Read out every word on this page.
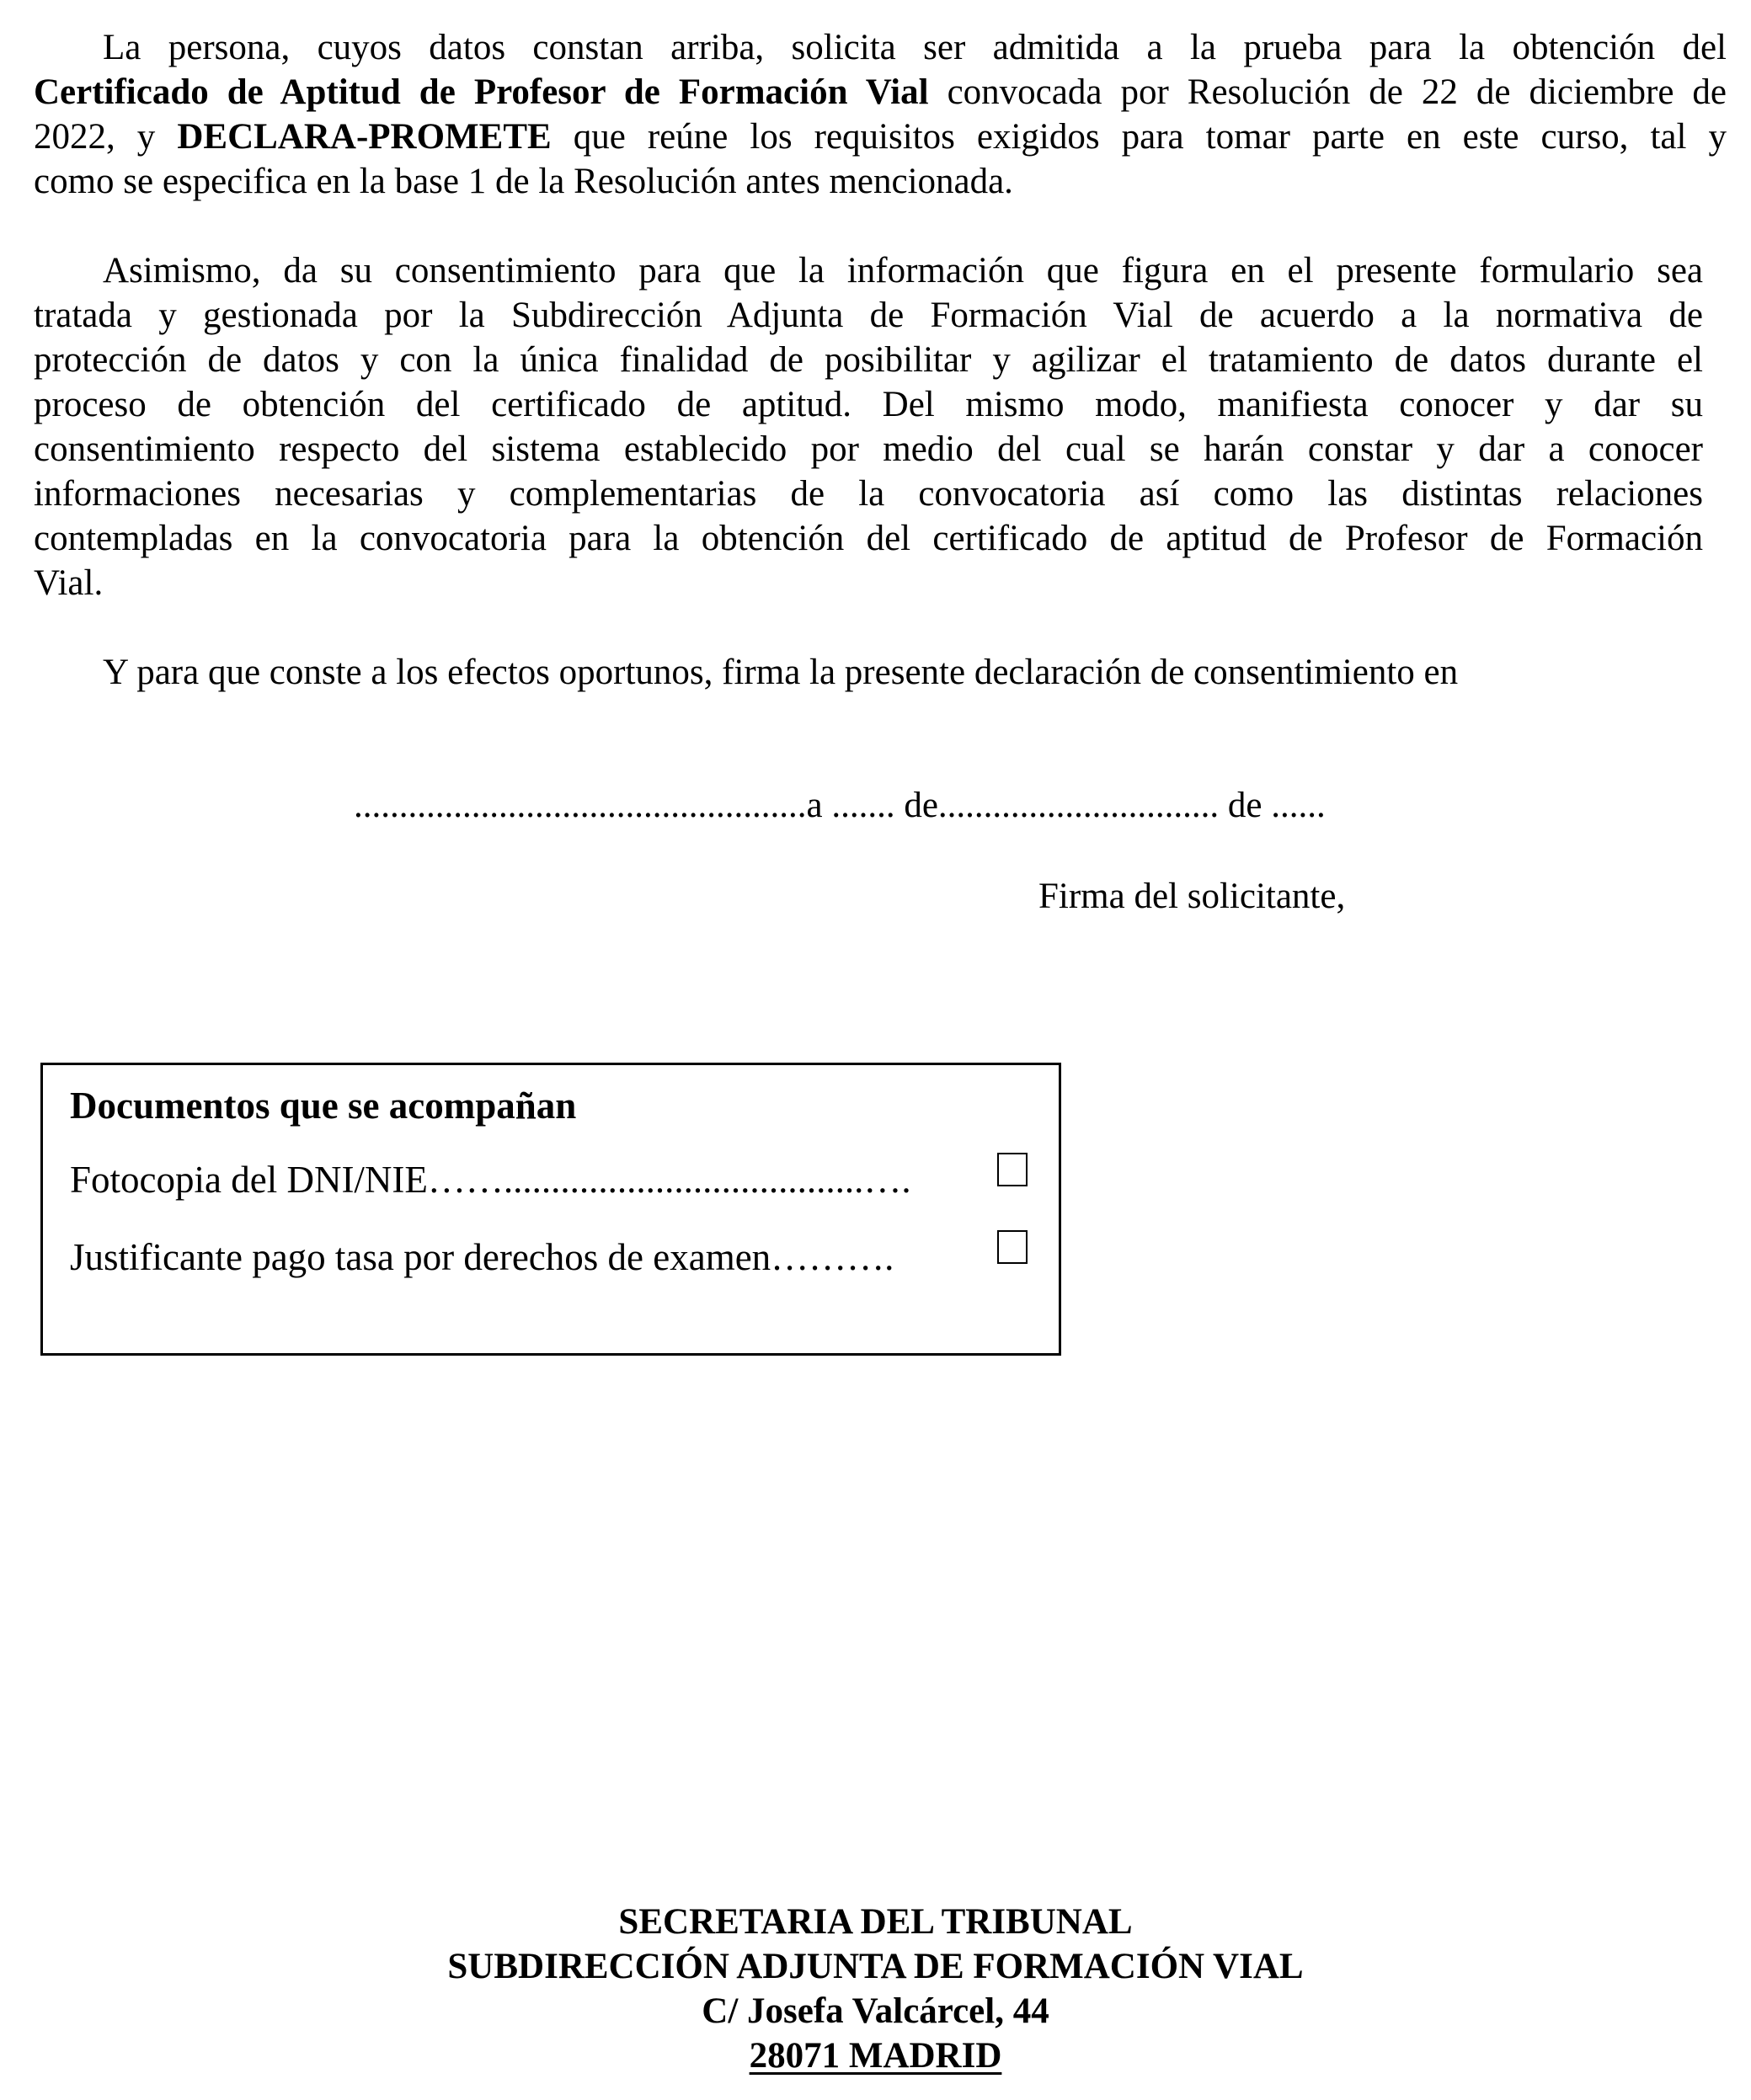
La persona, cuyos datos constan arriba, solicita ser admitida a la prueba para la obtención del
Certificado de Aptitud de Profesor de Formación Vial convocada por Resolución de 22 de diciembre de
2022, y DECLARA-PROMETE que reúne los requisitos exigidos para tomar parte en este curso, tal y
como se especifica en la base 1 de la Resolución antes mencionada.

Asimismo, da su consentimiento para que la información que figura en el presente formulario sea
tratada y gestionada por la Subdirección Adjunta de Formación Vial de acuerdo a la normativa de
protección de datos y con la única finalidad de posibilitar y agilizar el tratamiento de datos durante el
proceso de obtención del certificado de aptitud. Del mismo modo, manifiesta conocer y dar su
consentimiento respecto del sistema establecido por medio del cual se harán constar y dar a conocer
informaciones necesarias y complementarias de la convocatoria así como las distintas relaciones
contempladas en la convocatoria para la obtención del certificado de aptitud de Profesor de Formación
Vial.

Y para que conste a los efectos oportunos, firma la presente declaración de consentimiento en

..................................................a ....... de............................... de ......
Firma del solicitante,
Documentos que se acompañan
Fotocopia del DNI/NIE……......................................….
Justificante pago tasa por derechos de examen……….
SECRETARIA DEL TRIBUNAL
SUBDIRECCIÓN ADJUNTA DE FORMACIÓN VIAL
C/ Josefa Valcárcel, 44
28071 MADRID
